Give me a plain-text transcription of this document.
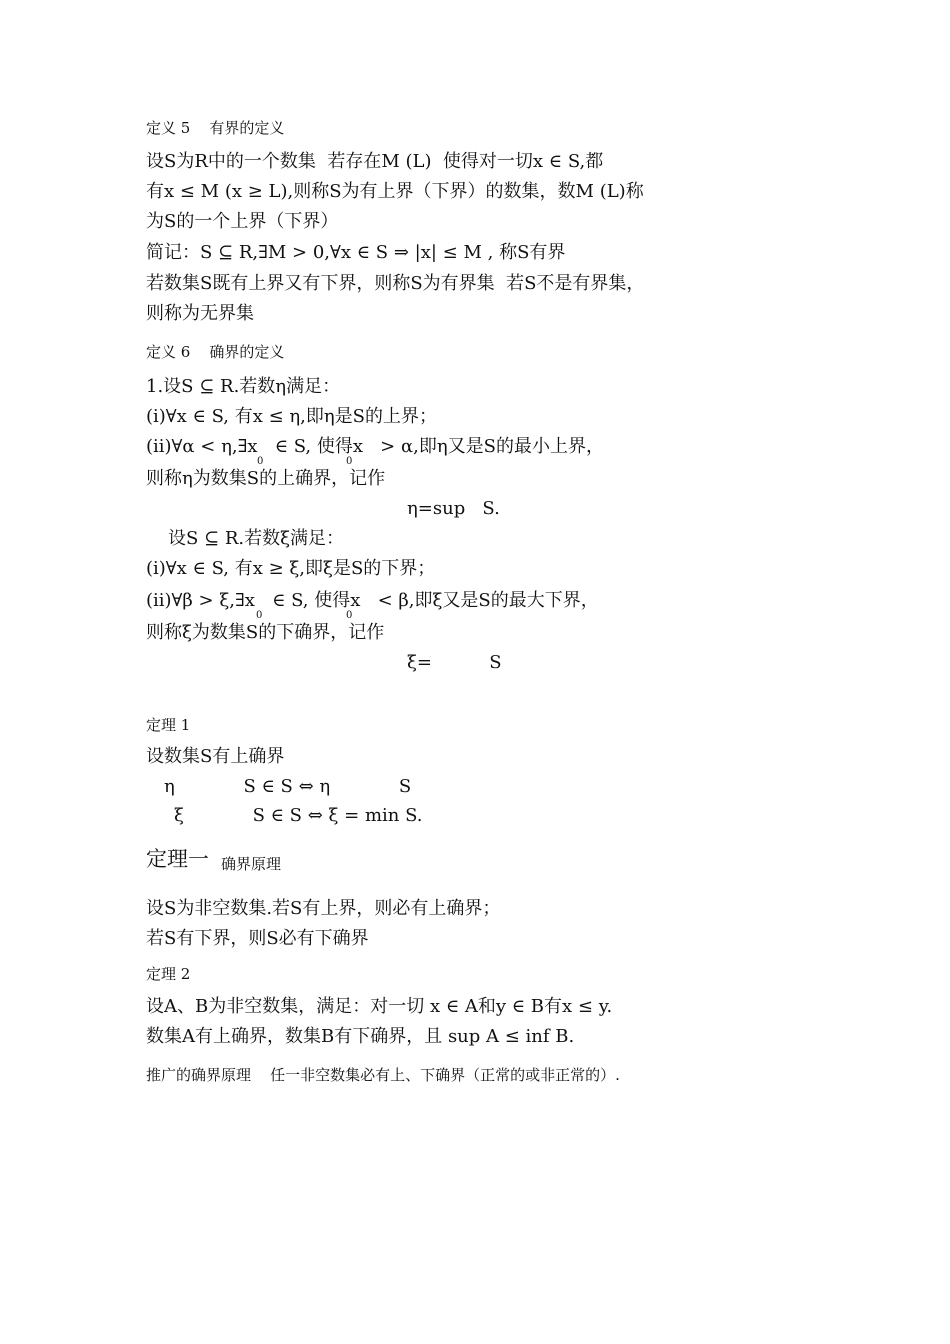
定义 5    有界的定义
设S为R中的一个数集  若存在M (L)  使得对一切x ∈ S,都
有x ≤ M (x ≥ L),则称S为有上界（下界）的数集，数M (L)称
为S的一个上界（下界）
简记：S ⊆ R,∃M > 0,∀x ∈ S ⇒ |x| ≤ M , 称S有界
若数集S既有上界又有下界，则称S为有界集  若S不是有界集，
则称为无界集
定义 6    确界的定义
1.设S ⊆ R.若数η满足：
(i)∀x ∈ S, 有x ≤ η,即η是S的上界；
(ii)∀α < η,∃x   ∈ S, 使得x   > α,即η又是S的最小上界，
0	0
则称η为数集S的上确界，记作
η=sup   S.
设S ⊆ R.若数ξ满足：
(i)∀x ∈ S, 有x ≥ ξ,即ξ是S的下界；
(ii)∀β > ξ,∃x   ∈ S, 使得x   < β,即ξ又是S的最大下界，
0	0
则称ξ为数集S的下确界，记作
ξ=          S
定理 1
设数集S有上确界
η            S ∈ S ⇔ η            S
ξ            S ∈ S ⇔ ξ = min S.
定理一 确界原理
设S为非空数集.若S有上界，则必有上确界；
若S有下界，则S必有下确界
定理 2
设A、B为非空数集，满足：对一切 x ∈ A和y ∈ B有x ≤ y.
数集A有上确界，数集B有下确界，且 sup A ≤ inf B.
推广的确界原理    任一非空数集必有上、下确界（正常的或非正常的）.
